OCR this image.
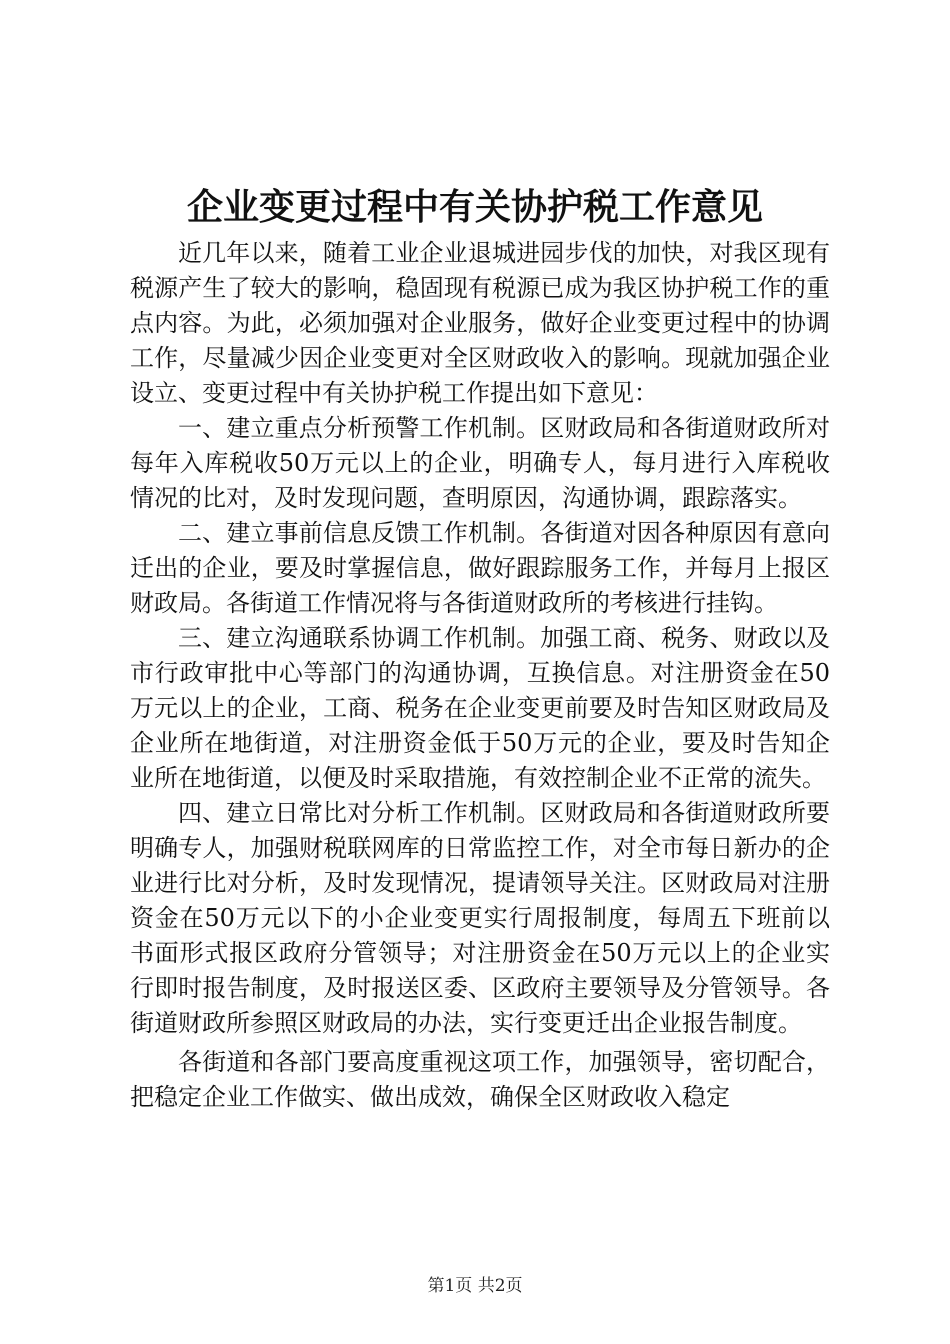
企业变更过程中有关协护税工作意见

近几年以来，随着工业企业退城进园步伐的加快，对我区现有税源产生了较大的影响，稳固现有税源已成为我区协护税工作的重点内容。为此，必须加强对企业服务，做好企业变更过程中的协调工作，尽量减少因企业变更对全区财政收入的影响。现就加强企业设立、变更过程中有关协护税工作提出如下意见：

一、建立重点分析预警工作机制。区财政局和各街道财政所对每年入库税收50万元以上的企业，明确专人，每月进行入库税收情况的比对，及时发现问题，查明原因，沟通协调，跟踪落实。

二、建立事前信息反馈工作机制。各街道对因各种原因有意向迁出的企业，要及时掌握信息，做好跟踪服务工作，并每月上报区财政局。各街道工作情况将与各街道财政所的考核进行挂钩。

三、建立沟通联系协调工作机制。加强工商、税务、财政以及市行政审批中心等部门的沟通协调，互换信息。对注册资金在50万元以上的企业，工商、税务在企业变更前要及时告知区财政局及企业所在地街道，对注册资金低于50万元的企业，要及时告知企业所在地街道，以便及时采取措施，有效控制企业不正常的流失。

四、建立日常比对分析工作机制。区财政局和各街道财政所要明确专人，加强财税联网库的日常监控工作，对全市每日新办的企业进行比对分析，及时发现情况，提请领导关注。区财政局对注册资金在50万元以下的小企业变更实行周报制度，每周五下班前以书面形式报区政府分管领导；对注册资金在50万元以上的企业实行即时报告制度，及时报送区委、区政府主要领导及分管领导。各街道财政所参照区财政局的办法，实行变更迁出企业报告制度。

各街道和各部门要高度重视这项工作，加强领导，密切配合，把稳定企业工作做实、做出成效，确保全区财政收入稳定

第1页 共2页
